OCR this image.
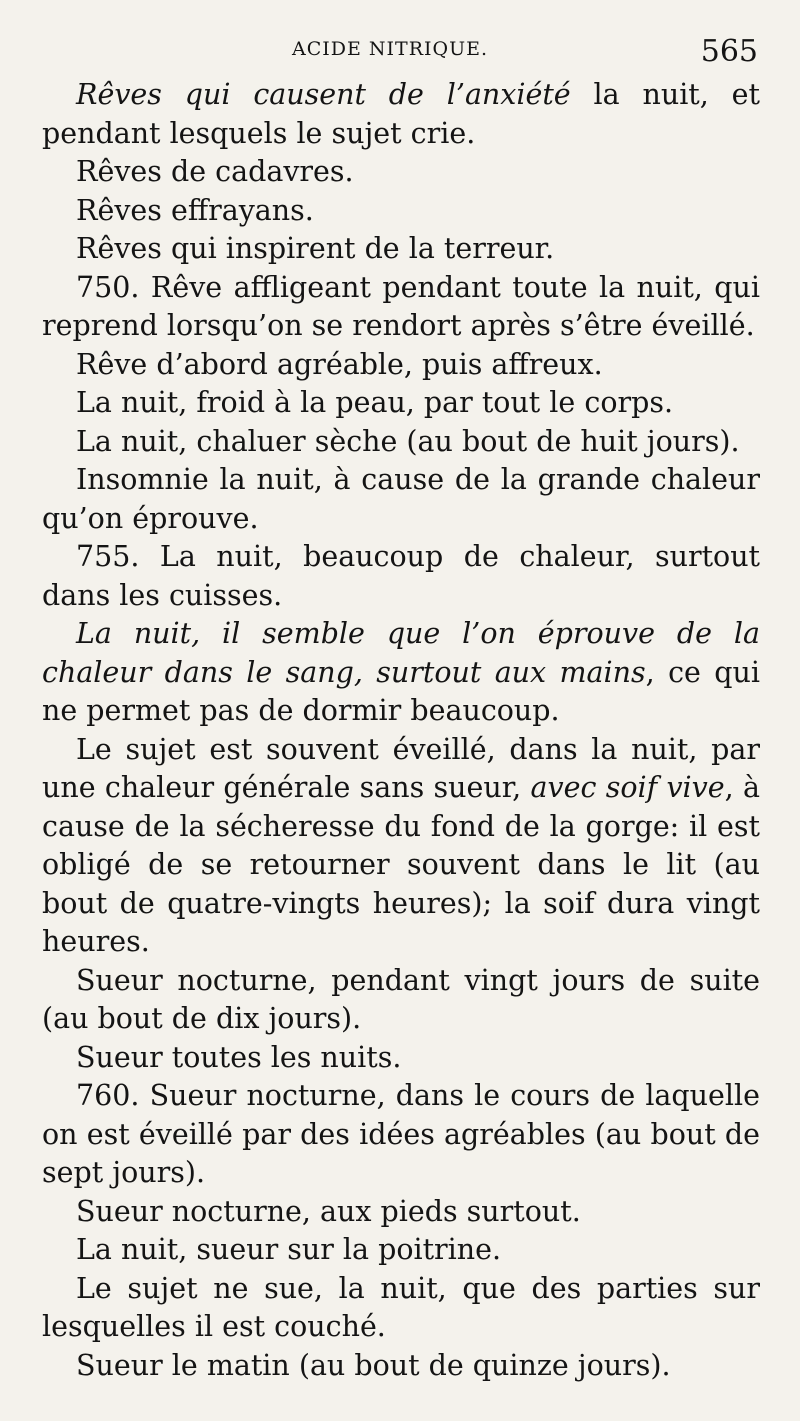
ACIDE NITRIQUE.	565

Rêves qui causent de l’anxiété la nuit, et pendant lesquels le sujet crie.

Rêves de cadavres.

Rêves effrayans.

Rêves qui inspirent de la terreur.

750. Rêve affligeant pendant toute la nuit, qui reprend lorsqu’on se rendort après s’être éveillé.

Rêve d’abord agréable, puis affreux.

La nuit, froid à la peau, par tout le corps.

La nuit, chaluer sèche (au bout de huit jours).

Insomnie la nuit, à cause de la grande chaleur qu’on éprouve.

755. La nuit, beaucoup de chaleur, surtout dans les cuisses.

La nuit, il semble que l’on éprouve de la chaleur dans le sang, surtout aux mains, ce qui ne permet pas de dormir beaucoup.

Le sujet est souvent éveillé, dans la nuit, par une chaleur générale sans sueur, avec soif vive, à cause de la sécheresse du fond de la gorge: il est obligé de se retourner souvent dans le lit (au bout de quatre-vingts heures); la soif dura vingt heures.

Sueur nocturne, pendant vingt jours de suite (au bout de dix jours).

Sueur toutes les nuits.

760. Sueur nocturne, dans le cours de laquelle on est éveillé par des idées agréables (au bout de sept jours).

Sueur nocturne, aux pieds surtout.

La nuit, sueur sur la poitrine.

Le sujet ne sue, la nuit, que des parties sur lesquelles il est couché.

Sueur le matin (au bout de quinze jours).
